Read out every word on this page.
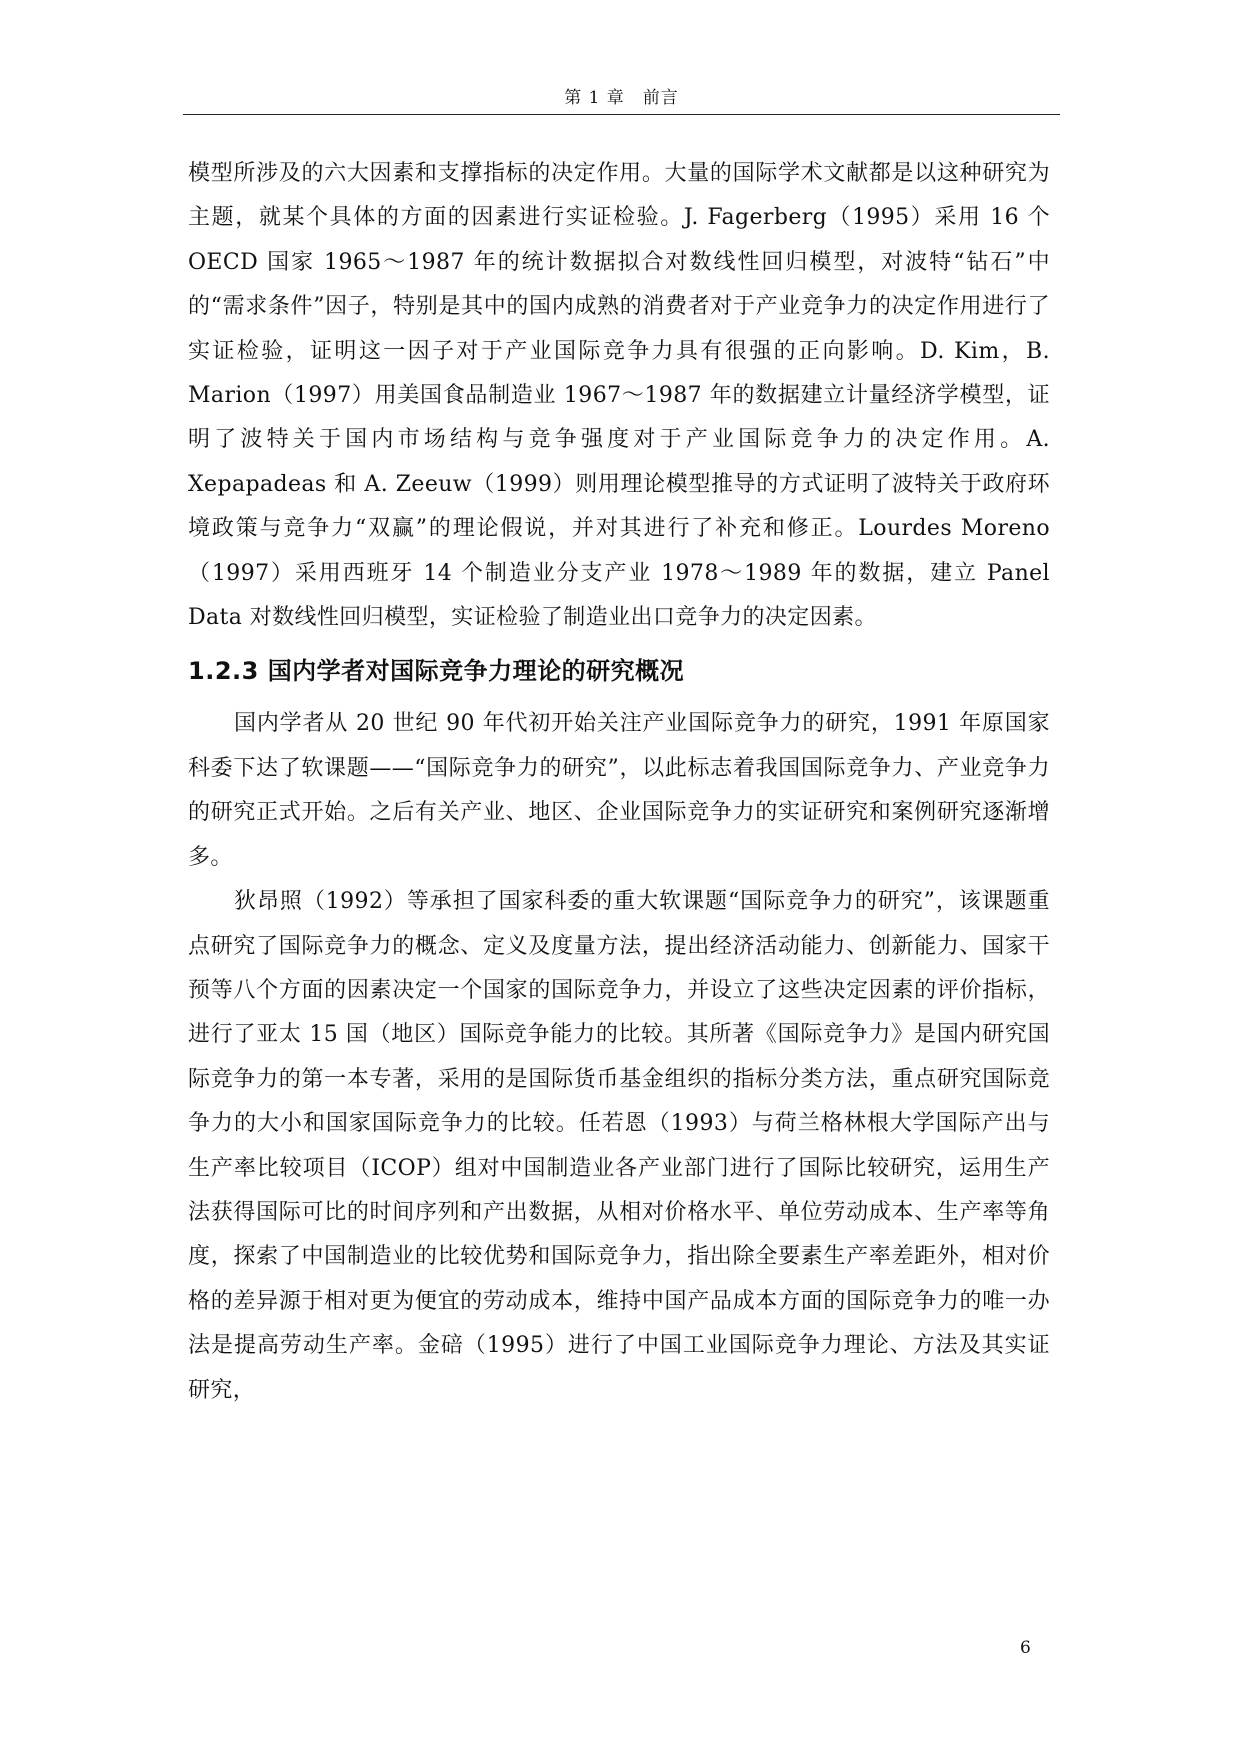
第 1 章　前言

模型所涉及的六大因素和支撑指标的决定作用。大量的国际学术文献都是以这种研究为主题，就某个具体的方面的因素进行实证检验。J. Fagerberg（1995）采用 16 个 OECD 国家 1965～1987 年的统计数据拟合对数线性回归模型，对波特“钻石”中的“需求条件”因子，特别是其中的国内成熟的消费者对于产业竞争力的决定作用进行了实证检验，证明这一因子对于产业国际竞争力具有很强的正向影响。D. Kim，B. Marion（1997）用美国食品制造业 1967～1987 年的数据建立计量经济学模型，证明了波特关于国内市场结构与竞争强度对于产业国际竞争力的决定作用。A. Xepapadeas 和 A. Zeeuw（1999）则用理论模型推导的方式证明了波特关于政府环境政策与竞争力“双赢”的理论假说，并对其进行了补充和修正。Lourdes Moreno（1997）采用西班牙 14 个制造业分支产业 1978～1989 年的数据，建立 Panel Data 对数线性回归模型，实证检验了制造业出口竞争力的决定因素。

1.2.3 国内学者对国际竞争力理论的研究概况

国内学者从 20 世纪 90 年代初开始关注产业国际竞争力的研究，1991 年原国家科委下达了软课题——“国际竞争力的研究”，以此标志着我国国际竞争力、产业竞争力的研究正式开始。之后有关产业、地区、企业国际竞争力的实证研究和案例研究逐渐增多。

狄昂照（1992）等承担了国家科委的重大软课题“国际竞争力的研究”，该课题重点研究了国际竞争力的概念、定义及度量方法，提出经济活动能力、创新能力、国家干预等八个方面的因素决定一个国家的国际竞争力，并设立了这些决定因素的评价指标，进行了亚太 15 国（地区）国际竞争能力的比较。其所著《国际竞争力》是国内研究国际竞争力的第一本专著，采用的是国际货币基金组织的指标分类方法，重点研究国际竞争力的大小和国家国际竞争力的比较。任若恩（1993）与荷兰格林根大学国际产出与生产率比较项目（ICOP）组对中国制造业各产业部门进行了国际比较研究，运用生产法获得国际可比的时间序列和产出数据，从相对价格水平、单位劳动成本、生产率等角度，探索了中国制造业的比较优势和国际竞争力，指出除全要素生产率差距外，相对价格的差异源于相对更为便宜的劳动成本，维持中国产品成本方面的国际竞争力的唯一办法是提高劳动生产率。金碚（1995）进行了中国工业国际竞争力理论、方法及其实证研究，

6
